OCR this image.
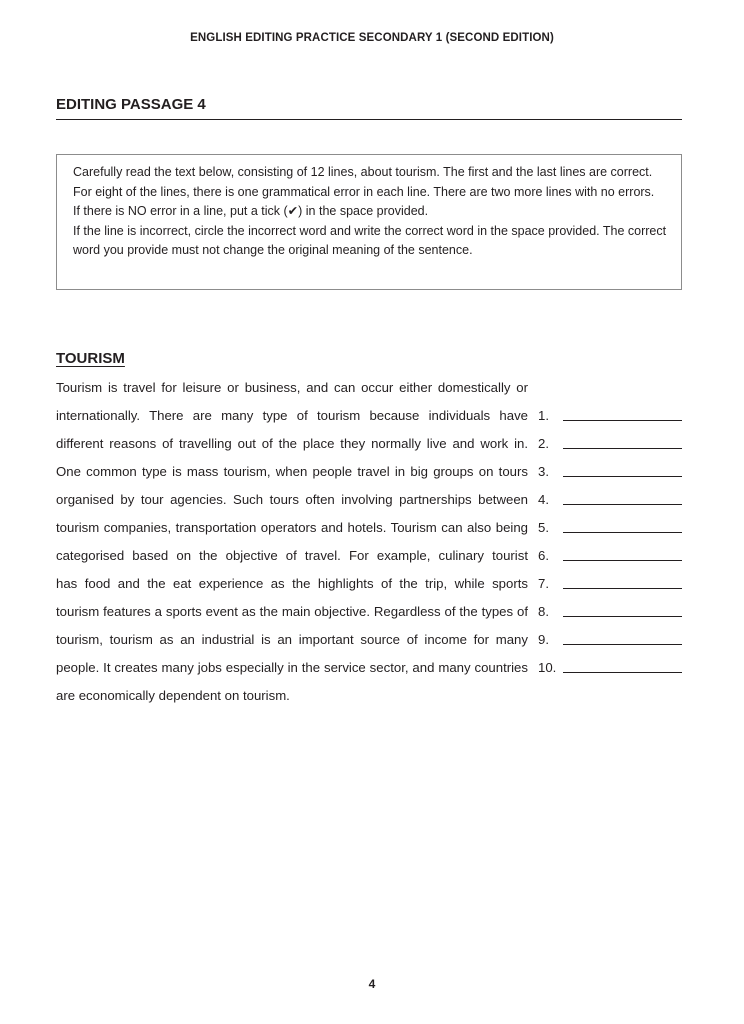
ENGLISH EDITING PRACTICE SECONDARY 1 (SECOND EDITION)
EDITING PASSAGE 4

Carefully read the text below, consisting of 12 lines, about tourism. The first and the last lines are correct. For eight of the lines, there is one grammatical error in each line. There are two more lines with no errors.

If there is NO error in a line, put a tick (✔) in the space provided.

If the line is incorrect, circle the incorrect word and write the correct word in the space provided. The correct word you provide must not change the original meaning of the sentence.

TOURISM
Tourism is travel for leisure or business, and can occur either domestically or
internationally. There are many type of tourism because individuals have
different reasons of travelling out of the place they normally live and work in.
One common type is mass tourism, when people travel in big groups on tours
organised by tour agencies. Such tours often involving partnerships between
tourism companies, transportation operators and hotels. Tourism can also being
categorised based on the objective of travel. For example, culinary tourist
has food and the eat experience as the highlights of the trip, while sports
tourism features a sports event as the main objective. Regardless of the types of
tourism, tourism as an industrial is an important source of income for many
people. It creates many jobs especially in the service sector, and many countries
are economically dependent on tourism.
1.
2.
3.
4.
5.
6.
7.
8.
9.
10.
4
